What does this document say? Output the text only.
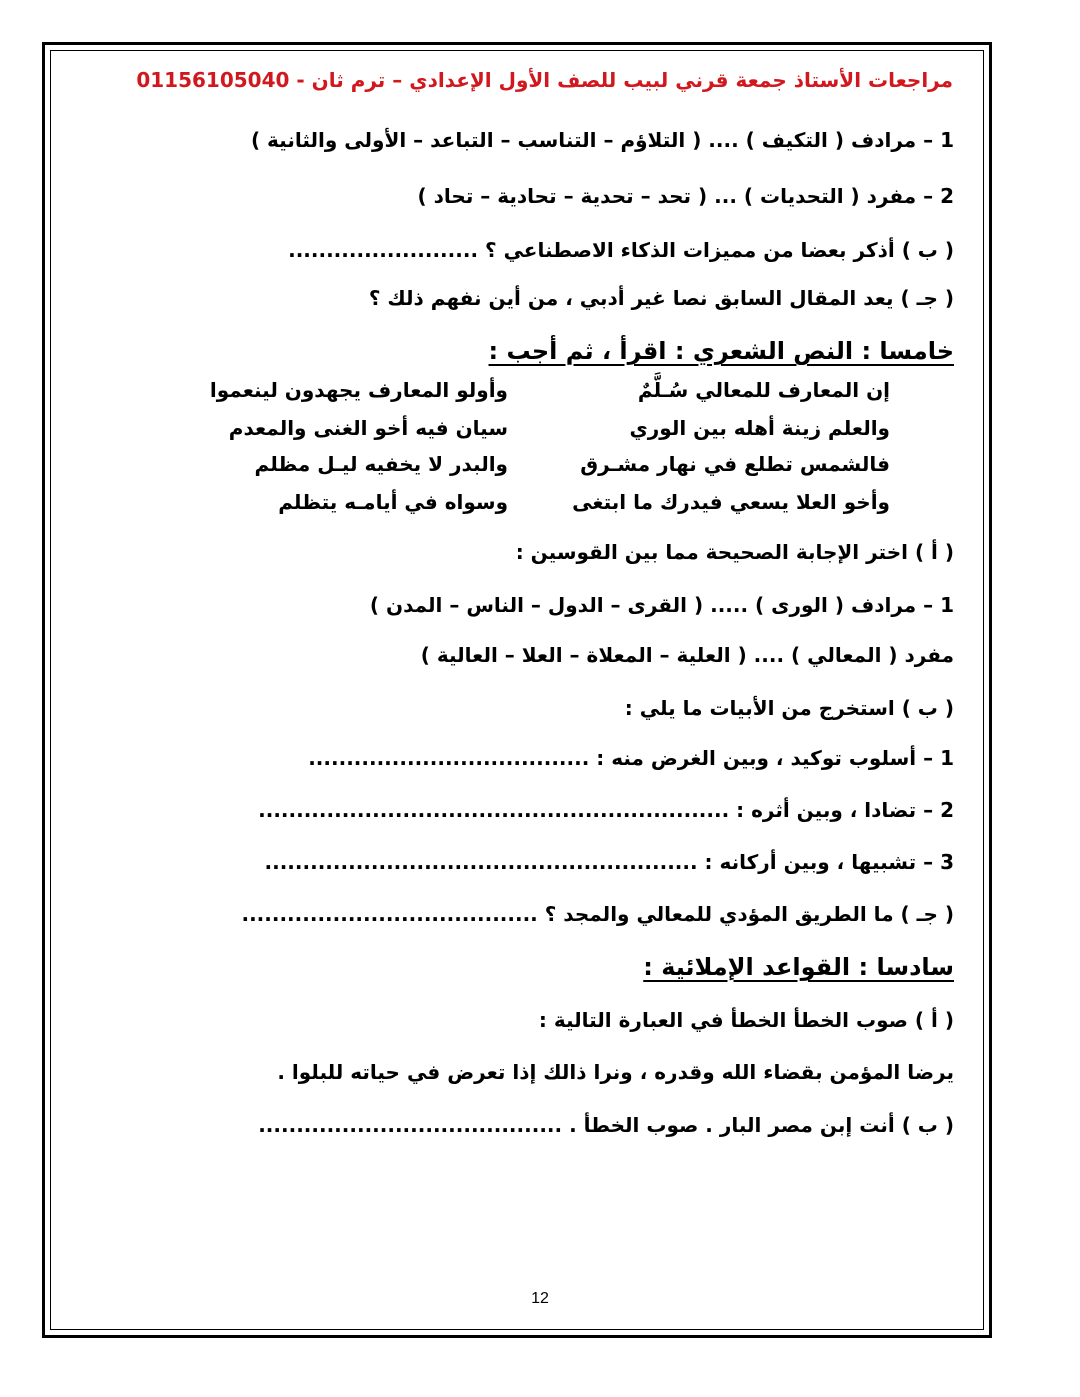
مراجعات الأستاذ جمعة قرني لبيب للصف الأول الإعدادي – ترم ثان - 01156105040
1 – مرادف ( التكيف ) .... ( التلاؤم – التناسب – التباعد – الأولى والثانية )
2 – مفرد ( التحديات ) ... ( تحد – تحدية – تحادية – تحاد )
( ب ) أذكر بعضا من مميزات الذكاء الاصطناعي ؟ .........................
( جـ ) يعد المقال السابق نصا غير أدبي ، من أين نفهم ذلك ؟
خامسا : النص الشعري : اقرأ ، ثم أجب :
إن المعارف للمعالي سُـلَّمٌ
وأولو المعارف يجهدون لينعموا
والعلم زينة أهله بين الوري
سيان فيه أخو الغنى والمعدم
فالشمس تطلع في نهار مشـرق
والبدر لا يخفيه ليـل مظلم
وأخو العلا يسعي فيدرك ما ابتغى
وسواه في أيامـه يتظلم
( أ ) اختر الإجابة الصحيحة مما بين القوسين :
1 – مرادف ( الورى ) ..... ( القرى – الدول – الناس – المدن )
مفرد ( المعالي ) .... ( العلية – المعلاة – العلا – العالية )
( ب ) استخرج من الأبيات ما يلي :
1 – أسلوب توكيد ، وبين الغرض منه : .....................................
2 – تضادا ، وبين أثره : ..............................................................
3 – تشبيها ، وبين أركانه : .........................................................
( جـ ) ما الطريق المؤدي للمعالي والمجد ؟ .......................................
سادسا : القواعد الإملائية :
( أ ) صوب الخطأ الخطأ في العبارة التالية :
يرضا المؤمن بقضاء الله وقدره ، ونرا ذالك إذا تعرض في حياته للبلوا .
( ب ) أنت إبن مصر البار . صوب الخطأ . ........................................
12
